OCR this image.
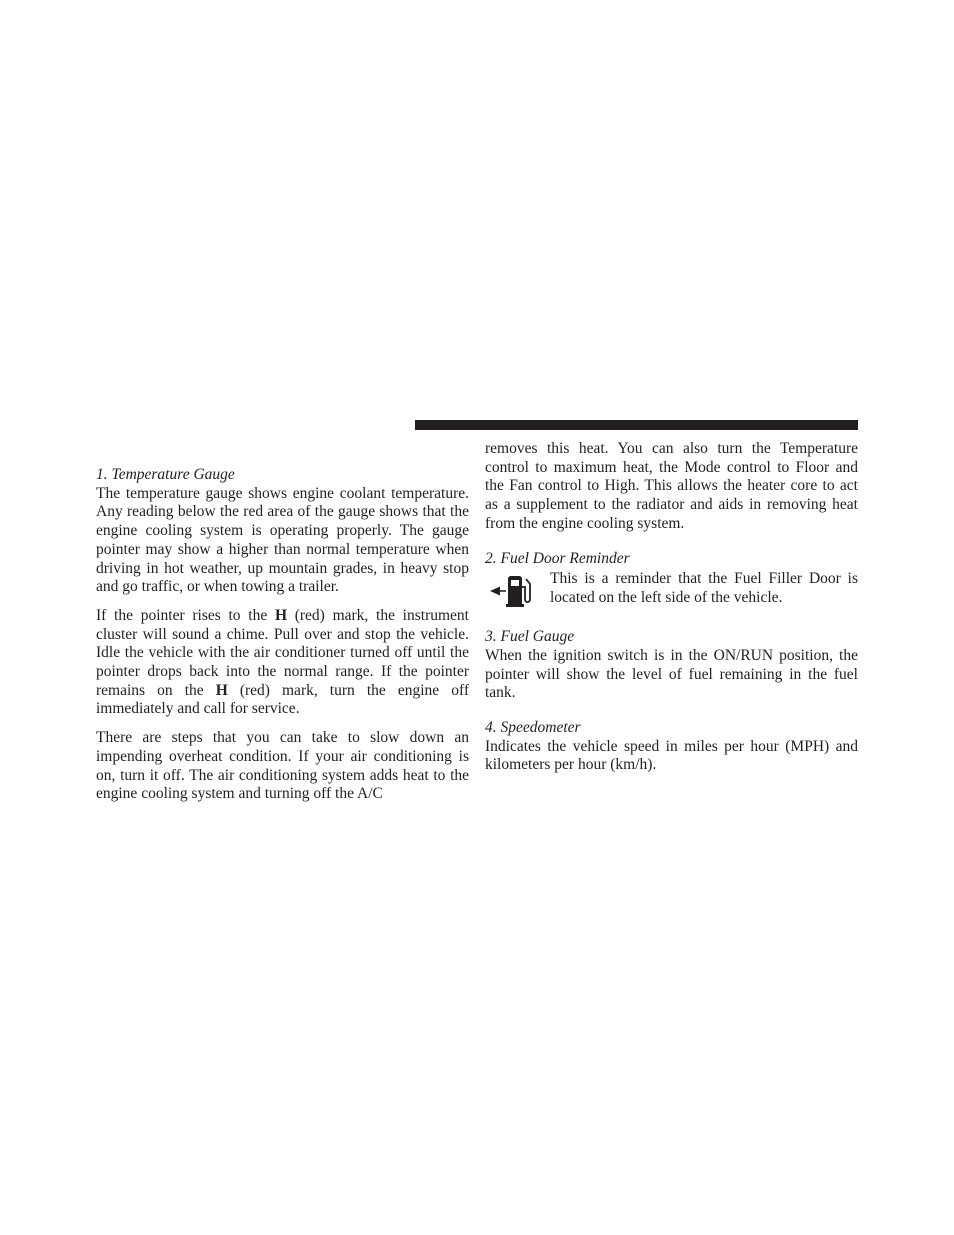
1. Temperature Gauge

The temperature gauge shows engine coolant temperature. Any reading below the red area of the gauge shows that the engine cooling system is operating properly. The gauge pointer may show a higher than normal temperature when driving in hot weather, up mountain grades, in heavy stop and go traffic, or when towing a trailer.

If the pointer rises to the H (red) mark, the instrument cluster will sound a chime. Pull over and stop the vehicle. Idle the vehicle with the air conditioner turned off until the pointer drops back into the normal range. If the pointer remains on the H (red) mark, turn the engine off immediately and call for service.

There are steps that you can take to slow down an impending overheat condition. If your air conditioning is on, turn it off. The air conditioning system adds heat to the engine cooling system and turning off the A/C

removes this heat. You can also turn the Temperature control to maximum heat, the Mode control to Floor and the Fan control to High. This allows the heater core to act as a supplement to the radiator and aids in removing heat from the engine cooling system.

2. Fuel Door Reminder

This is a reminder that the Fuel Filler Door is located on the left side of the vehicle.

3. Fuel Gauge

When the ignition switch is in the ON/RUN position, the pointer will show the level of fuel remaining in the fuel tank.

4. Speedometer

Indicates the vehicle speed in miles per hour (MPH) and kilometers per hour (km/h).
